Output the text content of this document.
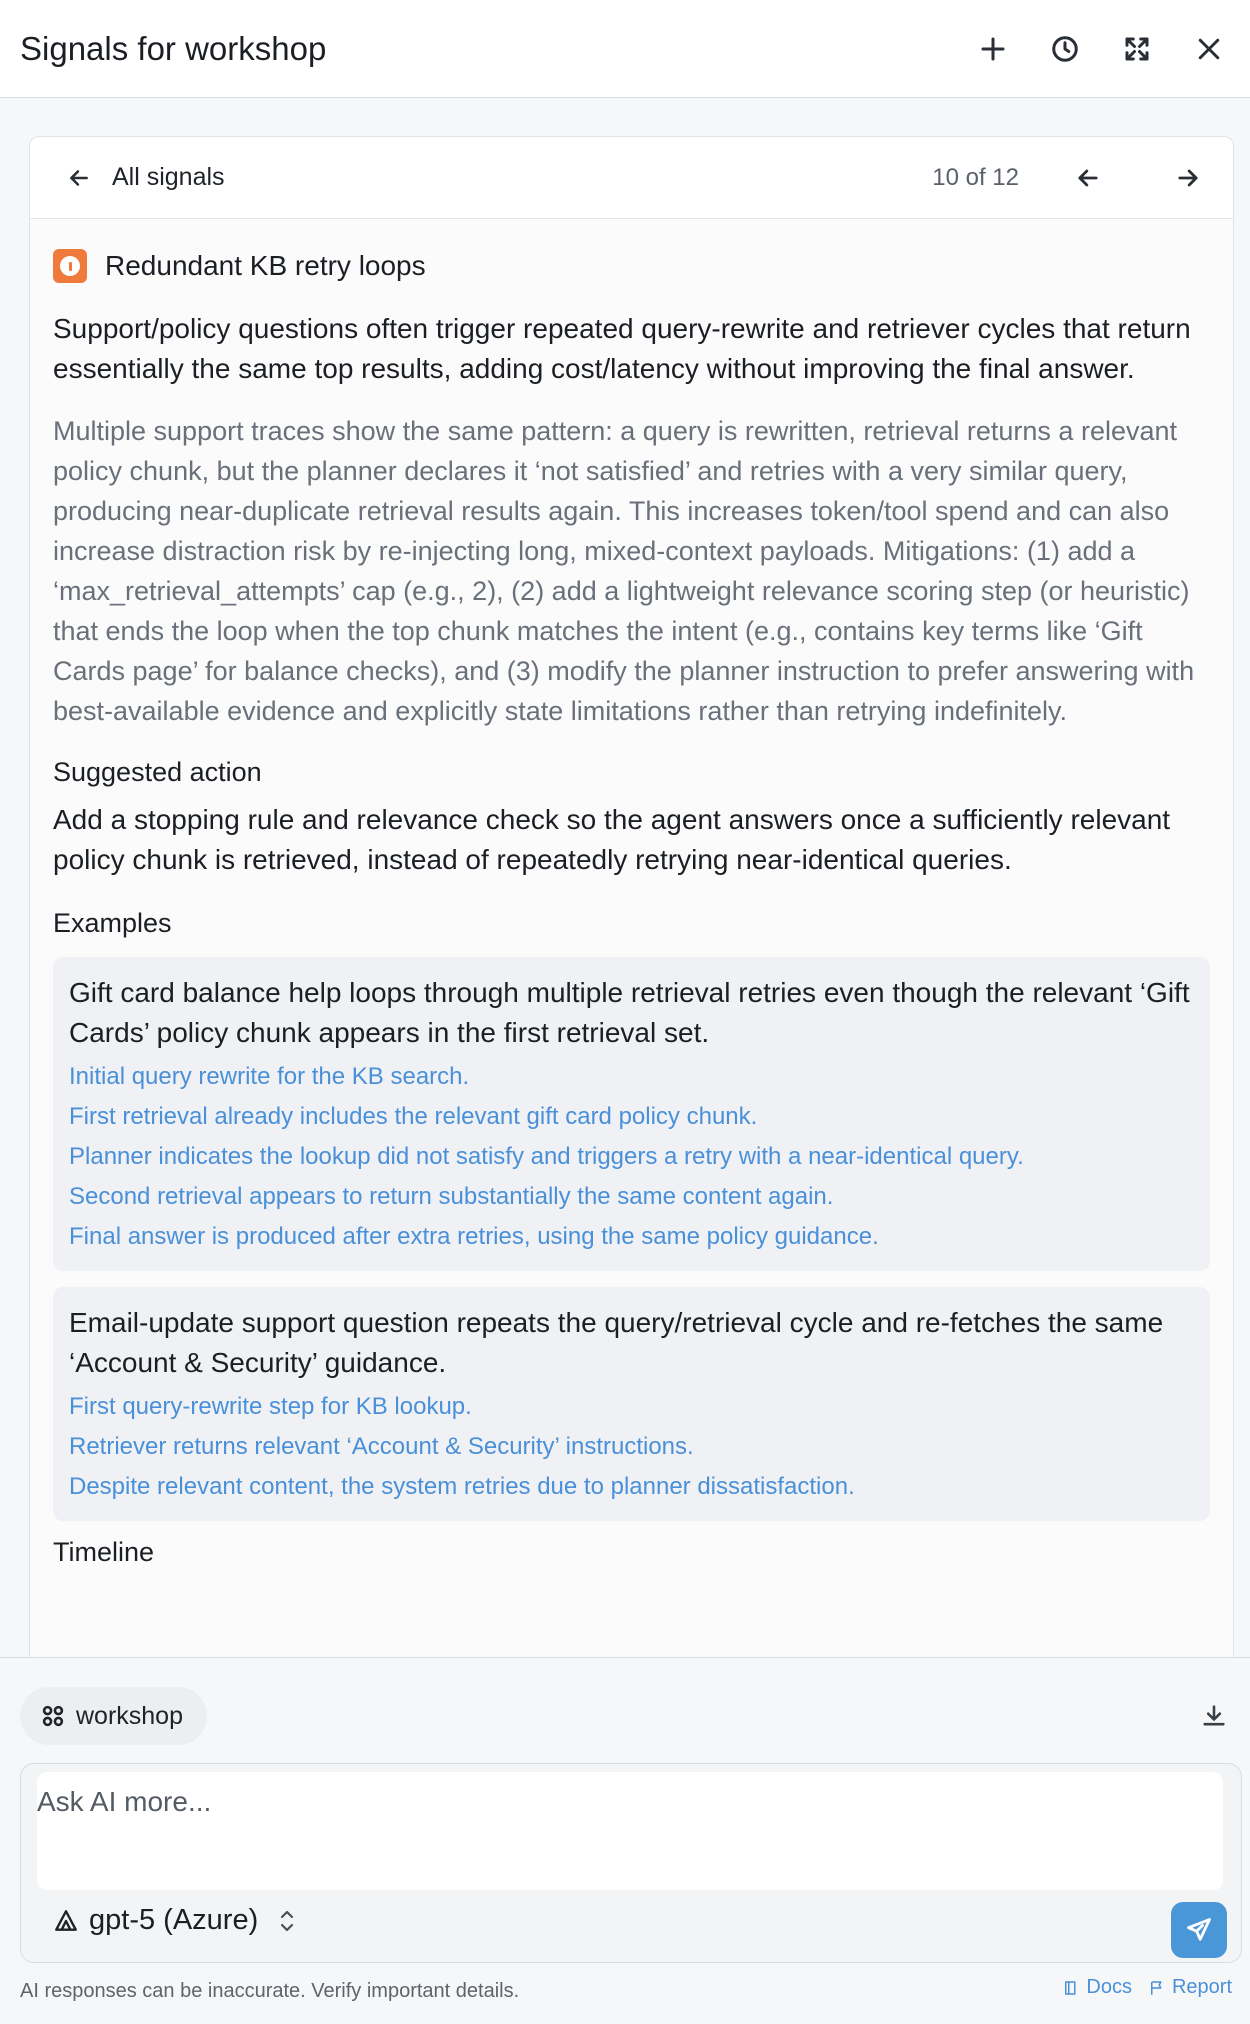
Signals for workshop
All signals	10 of 12
Redundant KB retry loops

Support/policy questions often trigger repeated query-rewrite and retriever cycles that return essentially the same top results, adding cost/latency without improving the final answer.

Multiple support traces show the same pattern: a query is rewritten, retrieval returns a relevant policy chunk, but the planner declares it ‘not satisfied’ and retries with a very similar query, producing near-duplicate retrieval results again. This increases token/tool spend and can also increase distraction risk by re-injecting long, mixed-context payloads. Mitigations: (1) add a ‘max_retrieval_attempts’ cap (e.g., 2), (2) add a lightweight relevance scoring step (or heuristic) that ends the loop when the top chunk matches the intent (e.g., contains key terms like ‘Gift Cards page’ for balance checks), and (3) modify the planner instruction to prefer answering with best-available evidence and explicitly state limitations rather than retrying indefinitely.

Suggested action

Add a stopping rule and relevance check so the agent answers once a sufficiently relevant policy chunk is retrieved, instead of repeatedly retrying near-identical queries.

Examples

Gift card balance help loops through multiple retrieval retries even though the relevant ‘Gift Cards’ policy chunk appears in the first retrieval set.

Initial query rewrite for the KB search.
First retrieval already includes the relevant gift card policy chunk.
Planner indicates the lookup did not satisfy and triggers a retry with a near-identical query.
Second retrieval appears to return substantially the same content again.
Final answer is produced after extra retries, using the same policy guidance.

Email-update support question repeats the query/retrieval cycle and re-fetches the same ‘Account & Security’ guidance.

First query-rewrite step for KB lookup.
Retriever returns relevant ‘Account & Security’ instructions.
Despite relevant content, the system retries due to planner dissatisfaction.
Timeline
workshop
Ask AI more...
gpt-5 (Azure)
AI responses can be inaccurate. Verify important details.	Docs Report
